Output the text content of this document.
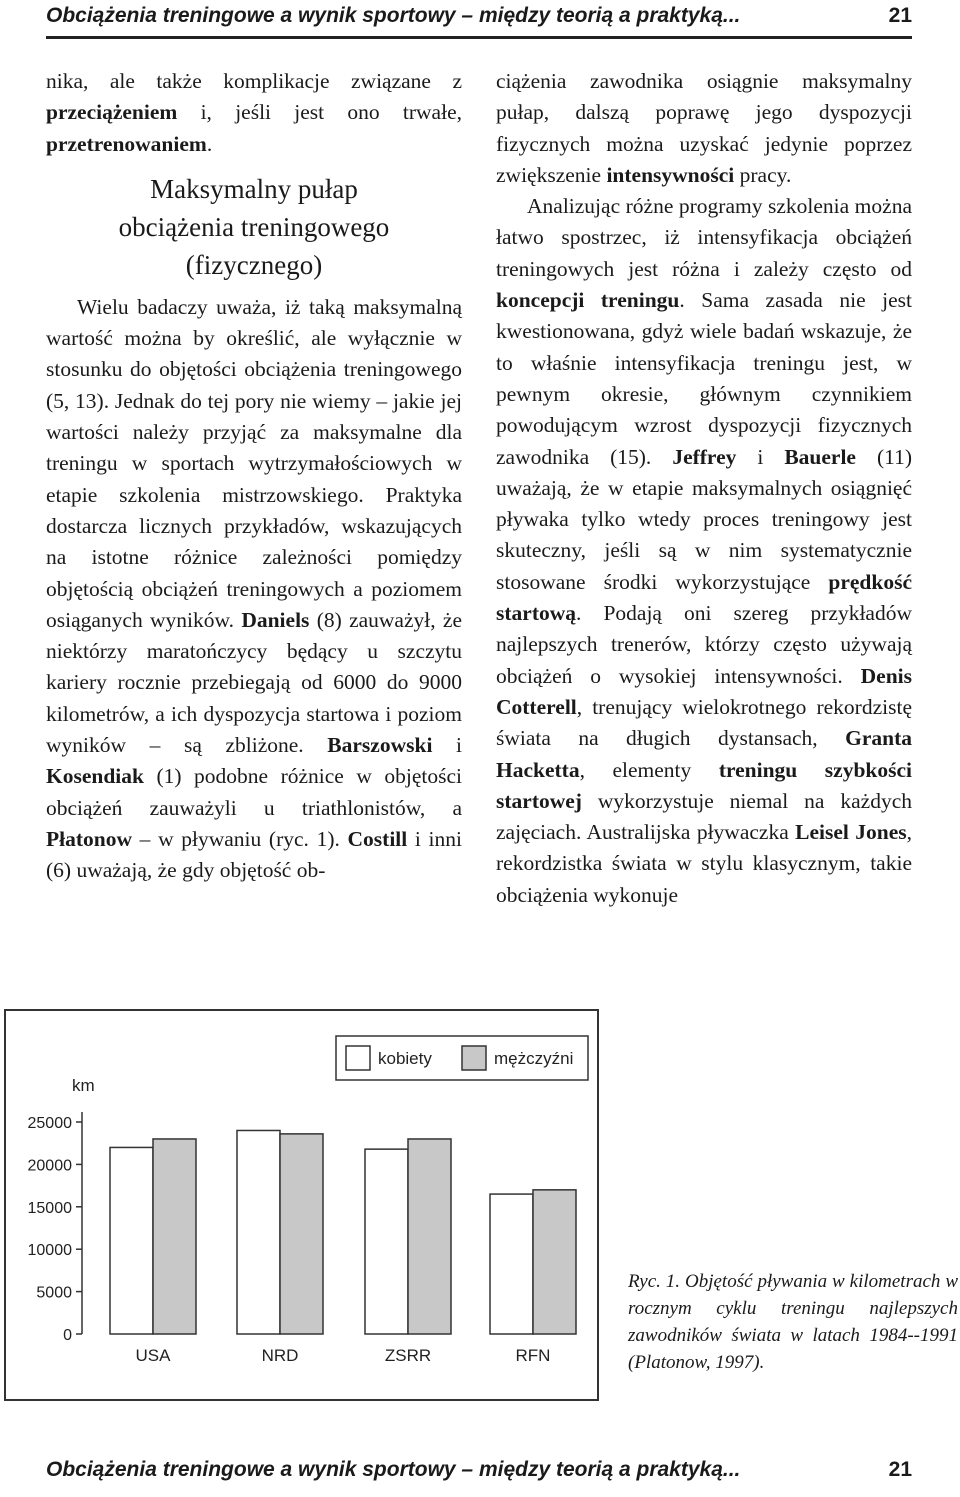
Obciążenia treningowe a wynik sportowy – między teorią a praktyką...	21

nika, ale także komplikacje związane z przeciążeniem i, jeśli jest ono trwałe, przetrenowaniem.

Maksymalny pułap
obciążenia treningowego
(fizycznego)

Wielu badaczy uważa, iż taką maksymalną wartość można by określić, ale wyłącznie w stosunku do objętości obciążenia treningowego (5, 13). Jednak do tej pory nie wiemy – jakie jej wartości należy przyjąć za maksymalne dla treningu w sportach wytrzymałościowych w etapie szkolenia mistrzowskiego. Praktyka dostarcza licznych przykładów, wskazujących na istotne różnice zależności pomiędzy objętością obciążeń treningowych a poziomem osiąganych wyników. Daniels (8) zauważył, że niektórzy maratończycy będący u szczytu kariery rocznie przebiegają od 6000 do 9000 kilometrów, a ich dyspozycja startowa i poziom wyników – są zbliżone. Barszowski i Kosendiak (1) podobne różnice w objętości obciążeń zauważyli u triathlonistów, a Płatonow – w pływaniu (ryc. 1). Costill i inni (6) uważają, że gdy objętość ob-

ciążenia zawodnika osiągnie maksymalny pułap, dalszą poprawę jego dyspozycji fizycznych można uzyskać jedynie poprzez zwiększenie intensywności pracy.

Analizując różne programy szkolenia można łatwo spostrzec, iż intensyfikacja obciążeń treningowych jest różna i zależy często od koncepcji treningu. Sama zasada nie jest kwestionowana, gdyż wiele badań wskazuje, że to właśnie intensyfikacja treningu jest, w pewnym okresie, głównym czynnikiem powodującym wzrost dyspozycji fizycznych zawodnika (15). Jeffrey i Bauerle (11) uważają, że w etapie maksymalnych osiągnięć pływaka tylko wtedy proces treningowy jest skuteczny, jeśli są w nim systematycznie stosowane środki wykorzystujące prędkość startową. Podają oni szereg przykładów najlepszych trenerów, którzy często używają obciążeń o wysokiej intensywności. Denis Cotterell, trenujący wielokrotnego rekordzistę świata na długich dystansach, Granta Hacketta, elementy treningu szybkości startowej wykorzystuje niemal na każdych zajęciach. Australijska pływaczka Leisel Jones, rekordzistka świata w stylu klasycznym, takie obciążenia wykonuje

km
0
5000
10000
15000
20000
25000
USA	NRD	ZSRR	RFN
kobiety	mężczyźni
Ryc. 1. Objętość pływania w kilometrach w rocznym cyklu treningu najlepszych zawodników świata w latach 1984--1991 (Platonow, 1997).
Obciążenia treningowe a wynik sportowy – między teorią a praktyką...	21
